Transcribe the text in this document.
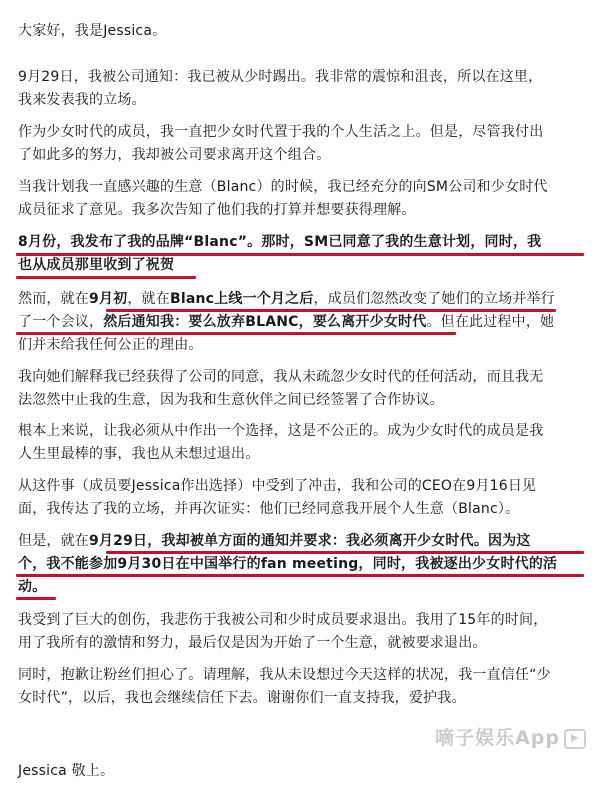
大家好，我是Jessica。
9月29日，我被公司通知：我已被从少时踢出。我非常的震惊和沮丧，所以在这里，
我来发表我的立场。
作为少女时代的成员，我一直把少女时代置于我的个人生活之上。但是，尽管我付出
了如此多的努力，我却被公司要求离开这个组合。
当我计划我一直感兴趣的生意（Blanc）的时候，我已经充分的向SM公司和少女时代
成员征求了意见。我多次告知了他们我的打算并想要获得理解。
8月份，我发布了我的品牌“Blanc”。那时，SM已同意了我的生意计划，同时，我
也从成员那里收到了祝贺
然而，就在9月初，就在Blanc上线一个月之后，成员们忽然改变了她们的立场并举行
了一个会议，然后通知我：要么放弃BLANC，要么离开少女时代。但在此过程中，她
们并未给我任何公正的理由。
我向她们解释我已经获得了公司的同意，我从未疏忽少女时代的任何活动，而且我无
法忽然中止我的生意，因为我和生意伙伴之间已经签署了合作协议。
根本上来说，让我必须从中作出一个选择，这是不公正的。成为少女时代的成员是我
人生里最棒的事，我也从未想过退出。
从这件事（成员要Jessica作出选择）中受到了冲击，我和公司的CEO在9月16日见
面，我传达了我的立场，并再次证实：他们已经同意我开展个人生意（Blanc）。
但是，就在9月29日，我却被单方面的通知并要求：我必须离开少女时代。因为这
个，我不能参加9月30日在中国举行的fan meeting，同时，我被逐出少女时代的活
动。
我受到了巨大的创伤，我悲伤于我被公司和少时成员要求退出。我用了15年的时间，
用了我所有的激情和努力，最后仅是因为开始了一个生意，就被要求退出。
同时，抱歉让粉丝们担心了。请理解，我从未设想过今天这样的状况，我一直信任“少
女时代”，以后，我也会继续信任下去。谢谢你们一直支持我，爱护我。
Jessica 敬上。
嘀子娱乐App
